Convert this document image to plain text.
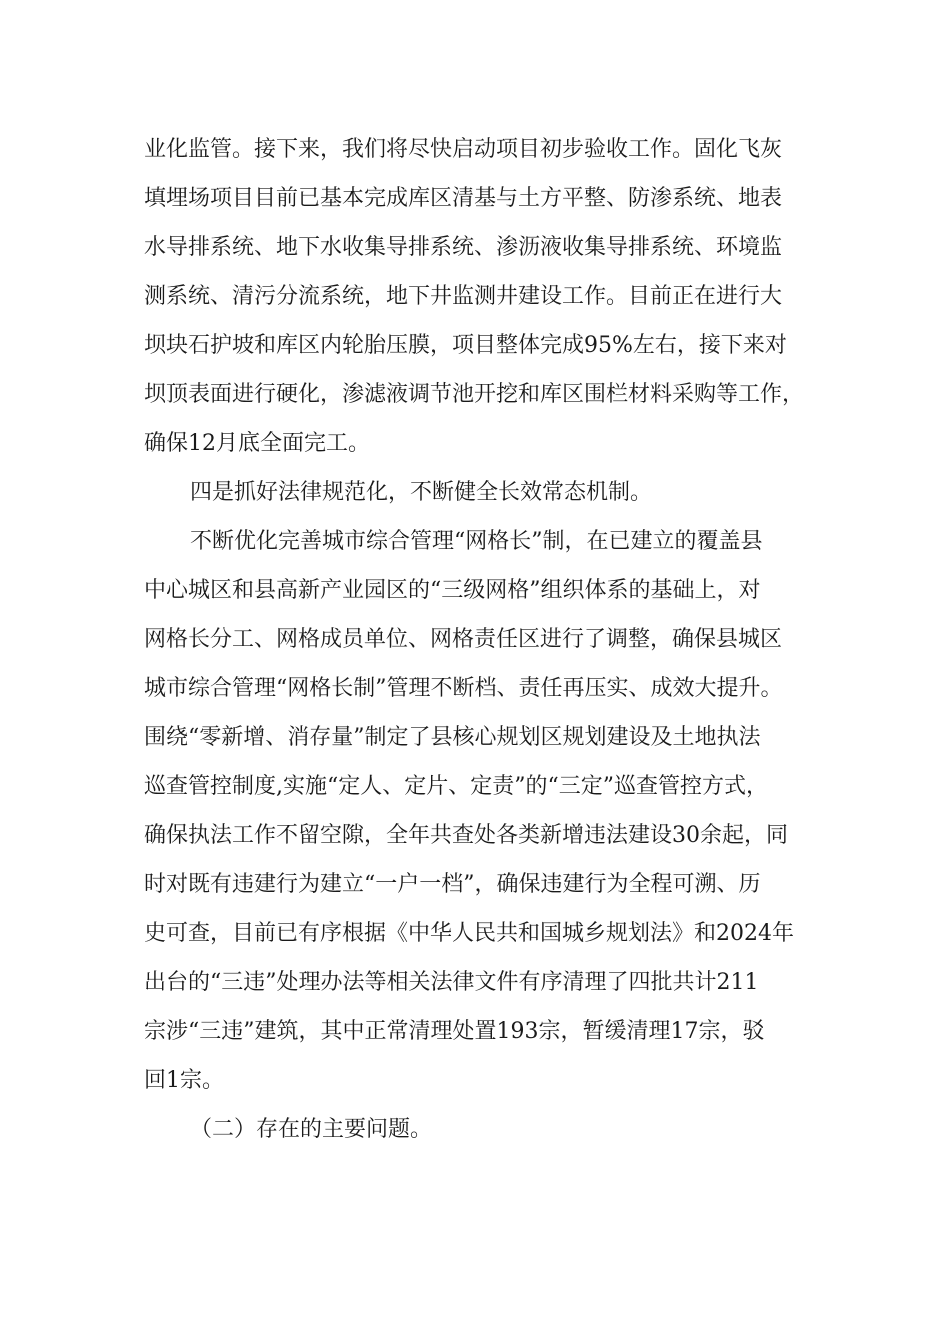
业化监管。接下来，我们将尽快启动项目初步验收工作。固化飞灰
填埋场项目目前已基本完成库区清基与土方平整、防渗系统、地表
水导排系统、地下水收集导排系统、渗沥液收集导排系统、环境监
测系统、清污分流系统，地下井监测井建设工作。目前正在进行大
坝块石护坡和库区内轮胎压膜，项目整体完成95%左右，接下来对
坝顶表面进行硬化，渗滤液调节池开挖和库区围栏材料采购等工作，
确保12月底全面完工。
四是抓好法律规范化，不断健全长效常态机制。
不断优化完善城市综合管理“网格长”制，在已建立的覆盖县
中心城区和县高新产业园区的“三级网格”组织体系的基础上，对
网格长分工、网格成员单位、网格责任区进行了调整，确保县城区
城市综合管理“网格长制”管理不断档、责任再压实、成效大提升。
围绕“零新增、消存量”制定了县核心规划区规划建设及土地执法
巡查管控制度,实施“定人、定片、定责”的“三定”巡查管控方式，
确保执法工作不留空隙，全年共查处各类新增违法建设30余起，同
时对既有违建行为建立“一户一档”，确保违建行为全程可溯、历
史可查，目前已有序根据《中华人民共和国城乡规划法》和2024年
出台的“三违”处理办法等相关法律文件有序清理了四批共计211
宗涉“三违”建筑，其中正常清理处置193宗，暂缓清理17宗，驳
回1宗。
（二）存在的主要问题。
